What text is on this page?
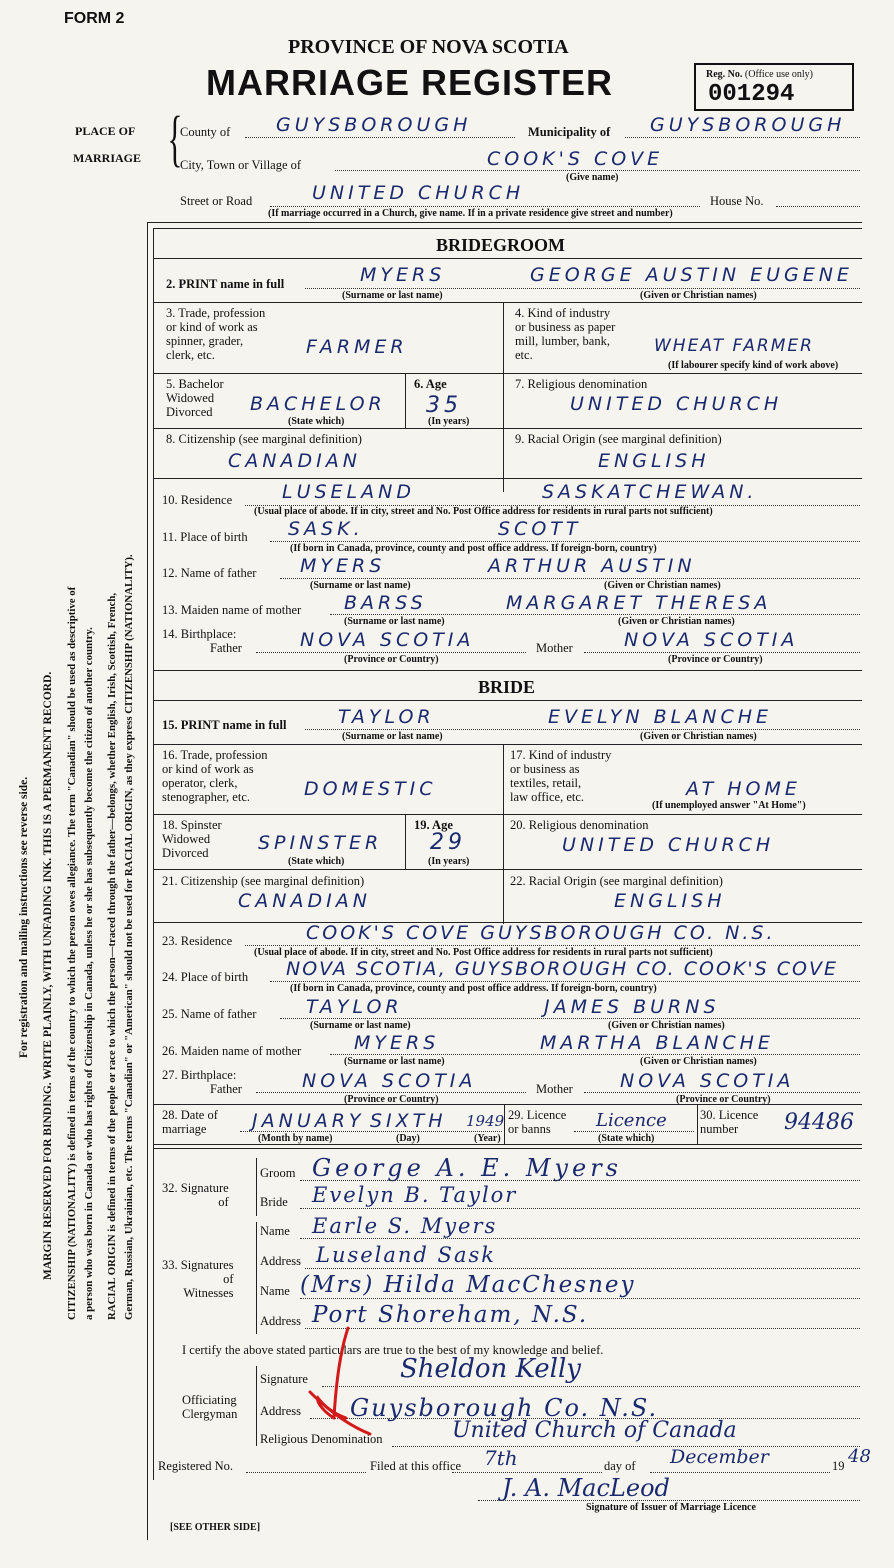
FORM 2
PROVINCE OF NOVA SCOTIA
MARRIAGE REGISTER	Reg. No. (Office use only)
001294
PLACE OF
MARRIAGE {
County of GUYSBOROUGH	Municipality of GUYSBOROUGH
City, Town or Village of	COOK'S COVE
(Give name)
Street or Road	UNITED CHURCH	House No.
(If marriage occurred in a Church, give name. If in a private residence give street and number)
BRIDEGROOM
2. PRINT name in full	MYERS	GEORGE AUSTIN EUGENE
(Surname or last name)	(Given or Christian names)
3. Trade, profession
or kind of work as
spinner, grader,
clerk, etc.	FARMER
4. Kind of industry
or business as paper
mill, lumber, bank,
etc.	WHEAT FARMER
(If labourer specify kind of work above)
5. Bachelor
Widowed
Divorced	BACHELOR
(State which)
6. Age
35
(In years)
7. Religious denomination
UNITED CHURCH
8. Citizenship (see marginal definition)
CANADIAN
9. Racial Origin (see marginal definition)
ENGLISH
10. Residence	LUSELAND	SASKATCHEWAN.
(Usual place of abode. If in city, street and No. Post Office address for residents in rural parts not sufficient)
11. Place of birth SASK.	SCOTT
(If born in Canada, province, county and post office address. If foreign-born, country)
12. Name of father MYERS	ARTHUR AUSTIN
(Surname or last name)	(Given or Christian names)
13. Maiden name of mother BARSS	MARGARET THERESA
(Surname or last name)	(Given or Christian names)
14. Birthplace:
Father	NOVA SCOTIA
(Province or Country)
Mother	NOVA SCOTIA
(Province or Country)
BRIDE
15. PRINT name in full	TAYLOR	EVELYN BLANCHE
(Surname or last name)	(Given or Christian names)
16. Trade, profession
or kind of work as
operator, clerk,
stenographer, etc.	DOMESTIC
17. Kind of industry
or business as
textiles, retail,
law office, etc.	AT HOME
(If unemployed answer "At Home")
18. Spinster
Widowed
Divorced	SPINSTER
(State which)
19. Age
29
(In years)
20. Religious denomination
UNITED CHURCH
21. Citizenship (see marginal definition)
CANADIAN
22. Racial Origin (see marginal definition)
ENGLISH
23. Residence	COOK'S COVE GUYSBOROUGH CO. N.S.
(Usual place of abode. If in city, street and No. Post Office address for residents in rural parts not sufficient)
24. Place of birth NOVA SCOTIA, GUYSBOROUGH CO. COOK'S COVE
(If born in Canada, province, county and post office address. If foreign-born, country)
25. Name of father	TAYLOR	JAMES BURNS
(Surname or last name)	(Given or Christian names)
26. Maiden name of mother	MYERS	MARTHA BLANCHE
(Surname or last name)	(Given or Christian names)
27. Birthplace:
Father	NOVA SCOTIA
(Province or Country)
Mother NOVA SCOTIA
(Province or Country)
28. Date of
marriage	JANUARY SIXTH 1949
(Month by name)	(Day)	(Year)
29. Licence
or banns	Licence
(State which)
30. Licence
number	94486
32. Signature
of
Groom George A. E. Myers
Bride Evelyn B. Taylor
33. Signatures
of
Witnesses
Name Earle S. Myers
Address Luseland Sask
Name (Mrs) Hilda MacChesney
Address Port Shoreham, N.S.
I certify the above stated particulars are true to the best of my knowledge and belief.
Officiating
Clergyman
Signature	Sheldon Kelly
Address Guysborough Co. N.S.
Religious Denomination	United Church of Canada
Registered No.	Filed at this office 7th	day of December	19 48
J. A. MacLeod
Signature of Issuer of Marriage Licence
[SEE OTHER SIDE]
For registration and mailing instructions see reverse side. MARGIN RESERVED FOR BINDING. WRITE PLAINLY, WITH UNFADING INK. THIS IS A PERMANENT RECORD. CITIZENSHIP (NATIONALITY) is defined in terms of the country to which the person owes allegiance. The term "Canadian" should be used as descriptive of a person who was born in Canada or who has rights of Citizenship in Canada, unless he or she has subsequently become the citizen of another country. RACIAL ORIGIN is defined in terms of the people or race to which the person—traced through the father—belongs, whether English, Irish, Scottish, French, German, Russian, Ukrainian, etc. The terms "Canadian" or "American" should not be used for RACIAL ORIGIN, as they express CITIZENSHIP (NATIONALITY).
